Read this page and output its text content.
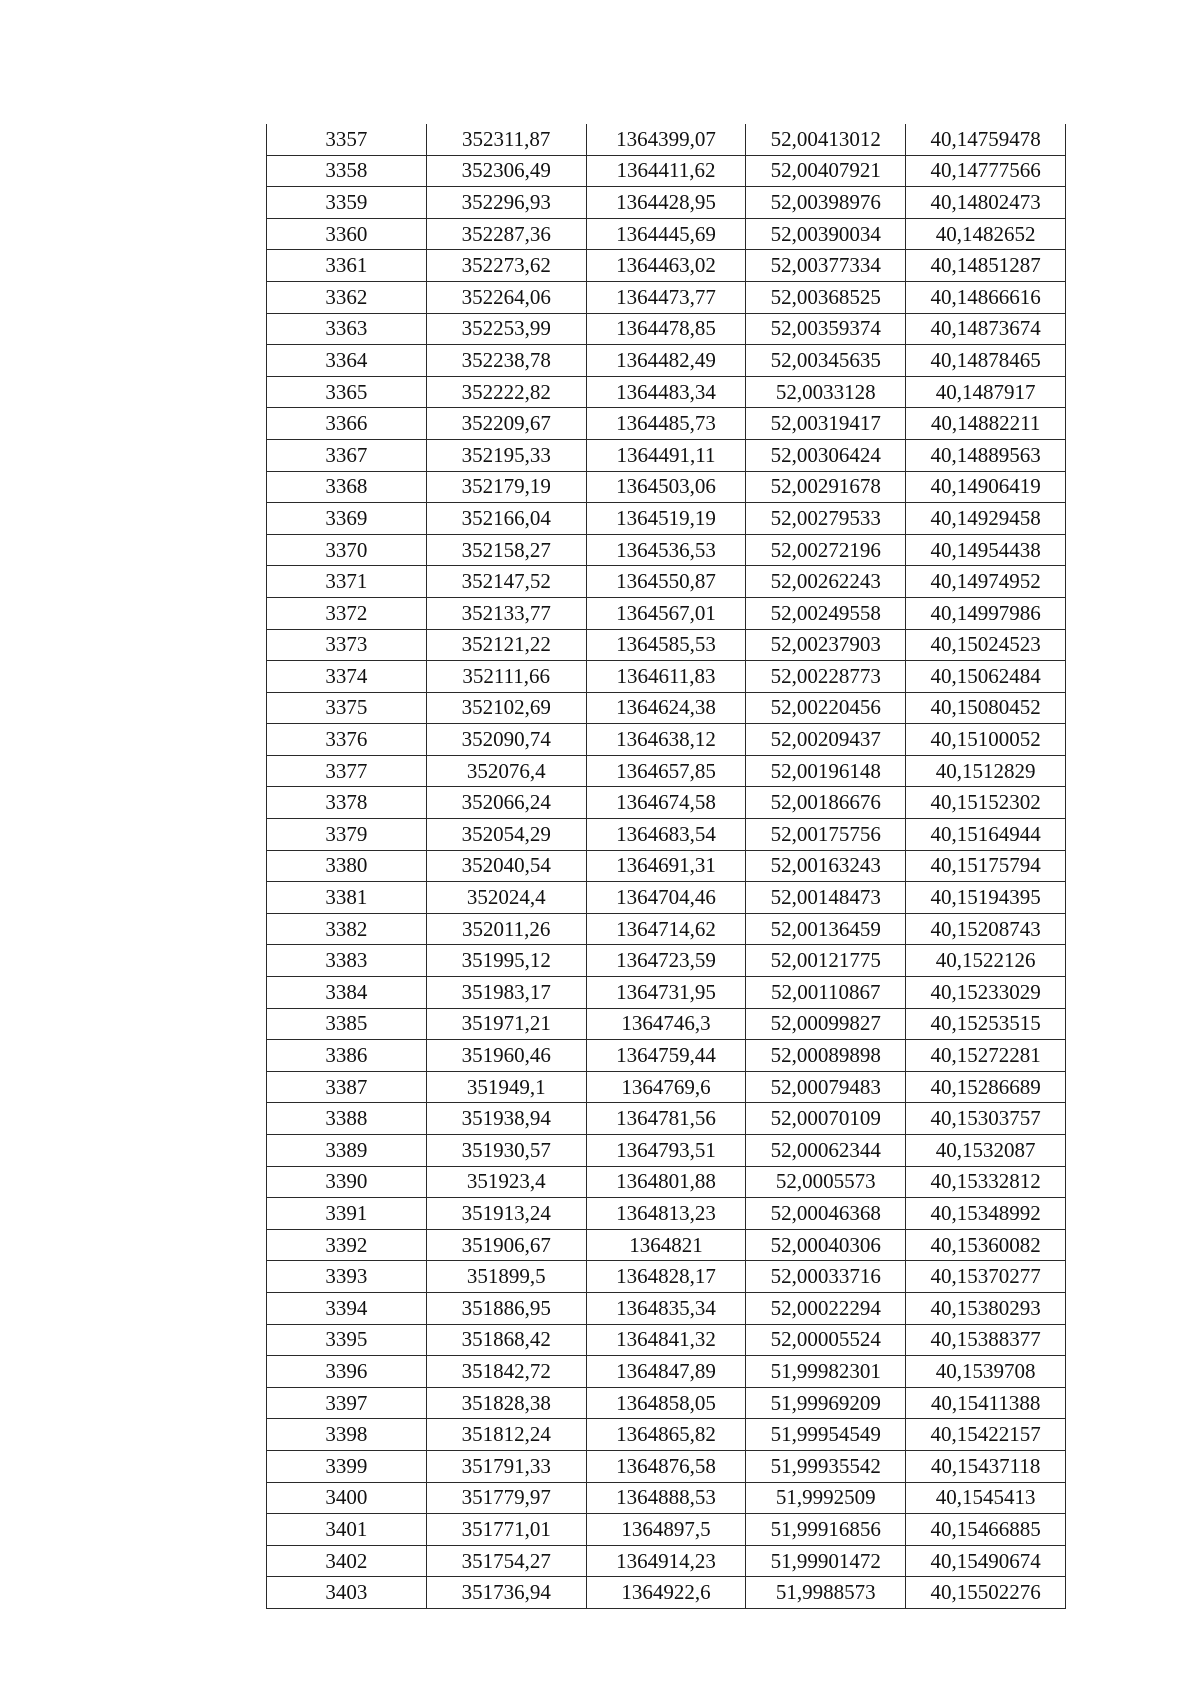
3357	352311,87	1364399,07	52,00413012	40,14759478
3358	352306,49	1364411,62	52,00407921	40,14777566
3359	352296,93	1364428,95	52,00398976	40,14802473
3360	352287,36	1364445,69	52,00390034	40,1482652
3361	352273,62	1364463,02	52,00377334	40,14851287
3362	352264,06	1364473,77	52,00368525	40,14866616
3363	352253,99	1364478,85	52,00359374	40,14873674
3364	352238,78	1364482,49	52,00345635	40,14878465
3365	352222,82	1364483,34	52,0033128	40,1487917
3366	352209,67	1364485,73	52,00319417	40,14882211
3367	352195,33	1364491,11	52,00306424	40,14889563
3368	352179,19	1364503,06	52,00291678	40,14906419
3369	352166,04	1364519,19	52,00279533	40,14929458
3370	352158,27	1364536,53	52,00272196	40,14954438
3371	352147,52	1364550,87	52,00262243	40,14974952
3372	352133,77	1364567,01	52,00249558	40,14997986
3373	352121,22	1364585,53	52,00237903	40,15024523
3374	352111,66	1364611,83	52,00228773	40,15062484
3375	352102,69	1364624,38	52,00220456	40,15080452
3376	352090,74	1364638,12	52,00209437	40,15100052
3377	352076,4	1364657,85	52,00196148	40,1512829
3378	352066,24	1364674,58	52,00186676	40,15152302
3379	352054,29	1364683,54	52,00175756	40,15164944
3380	352040,54	1364691,31	52,00163243	40,15175794
3381	352024,4	1364704,46	52,00148473	40,15194395
3382	352011,26	1364714,62	52,00136459	40,15208743
3383	351995,12	1364723,59	52,00121775	40,1522126
3384	351983,17	1364731,95	52,00110867	40,15233029
3385	351971,21	1364746,3	52,00099827	40,15253515
3386	351960,46	1364759,44	52,00089898	40,15272281
3387	351949,1	1364769,6	52,00079483	40,15286689
3388	351938,94	1364781,56	52,00070109	40,15303757
3389	351930,57	1364793,51	52,00062344	40,1532087
3390	351923,4	1364801,88	52,0005573	40,15332812
3391	351913,24	1364813,23	52,00046368	40,15348992
3392	351906,67	1364821	52,00040306	40,15360082
3393	351899,5	1364828,17	52,00033716	40,15370277
3394	351886,95	1364835,34	52,00022294	40,15380293
3395	351868,42	1364841,32	52,00005524	40,15388377
3396	351842,72	1364847,89	51,99982301	40,1539708
3397	351828,38	1364858,05	51,99969209	40,15411388
3398	351812,24	1364865,82	51,99954549	40,15422157
3399	351791,33	1364876,58	51,99935542	40,15437118
3400	351779,97	1364888,53	51,9992509	40,1545413
3401	351771,01	1364897,5	51,99916856	40,15466885
3402	351754,27	1364914,23	51,99901472	40,15490674
3403	351736,94	1364922,6	51,9988573	40,15502276
